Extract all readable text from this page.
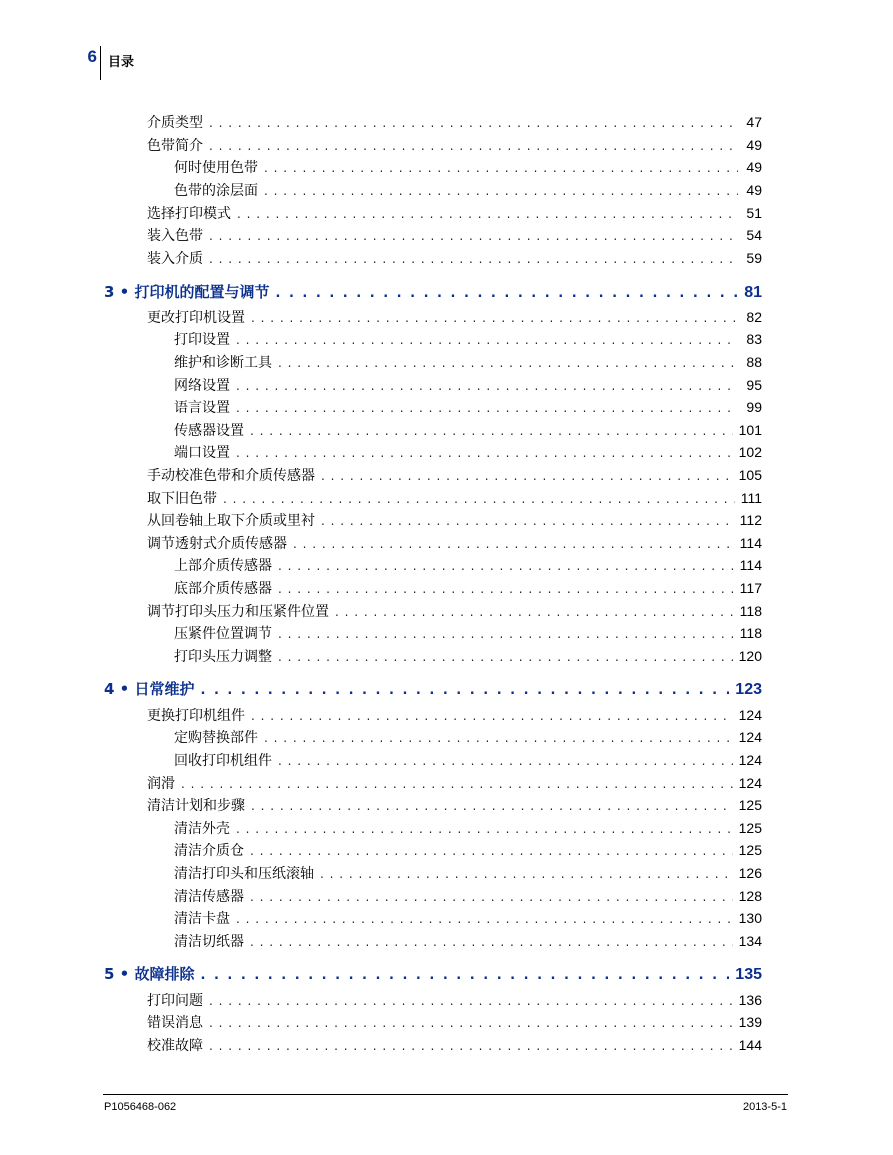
6 目录
介质类型 . . .	47
色带简介 . . .	49
何时使用色带 . . .	49
色带的涂层面 . . .	49
选择打印模式 . . .	51
装入色带 . . .	54
装入介质 . . .	59
3 • 打印机的配置与调节 . . .	81
更改打印机设置 . . .	82
打印设置 . . .	83
维护和诊断工具 . . .	88
网络设置 . . .	95
语言设置 . . .	99
传感器设置 . . .	101
端口设置 . . .	102
手动校准色带和介质传感器 . . .	105
取下旧色带 . . .	111
从回卷轴上取下介质或里衬 . . .	112
调节透射式介质传感器 . . .	114
上部介质传感器 . . .	114
底部介质传感器 . . .	117
调节打印头压力和压紧件位置 . . .	118
压紧件位置调节 . . .	118
打印头压力调整 . . .	120
4 • 日常维护 . . .	123
更换打印机组件 . . .	124
定购替换部件 . . .	124
回收打印机组件 . . .	124
润滑 . . .	124
清洁计划和步骤 . . .	125
清洁外壳 . . .	125
清洁介质仓 . . .	125
清洁打印头和压纸滚轴 . . .	126
清洁传感器 . . .	128
清洁卡盘 . . .	130
清洁切纸器 . . .	134
5 • 故障排除 . . .	135
打印问题 . . .	136
错误消息 . . .	139
校准故障 . . .	144
P1056468-062	2013-5-1
